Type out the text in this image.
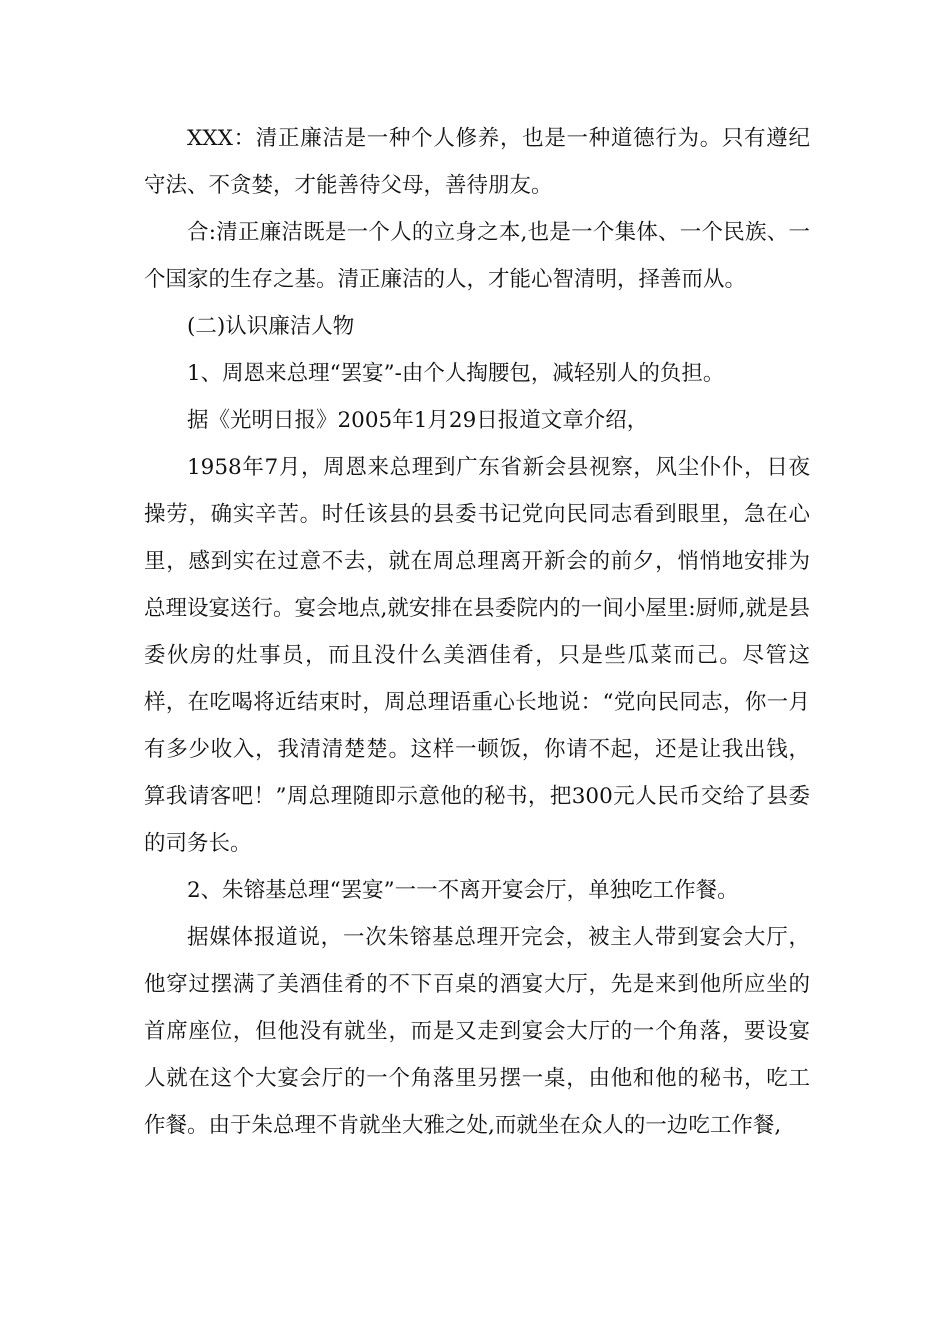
XXX：清正廉洁是一种个人修养，也是一种道德行为。只有遵纪守法、不贪婪，才能善待父母，善待朋友。

合:清正廉洁既是一个人的立身之本,也是一个集体、一个民族、一个国家的生存之基。清正廉洁的人，才能心智清明，择善而从。

(二)认识廉洁人物

1、周恩来总理“罢宴”-由个人掏腰包，减轻别人的负担。

据《光明日报》2005年1月29日报道文章介绍，

1958年7月，周恩来总理到广东省新会县视察，风尘仆仆，日夜操劳，确实辛苦。时任该县的县委书记党向民同志看到眼里，急在心里，感到实在过意不去，就在周总理离开新会的前夕，悄悄地安排为总理设宴送行。宴会地点,就安排在县委院内的一间小屋里:厨师,就是县委伙房的灶事员，而且没什么美酒佳肴，只是些瓜菜而己。尽管这样，在吃喝将近结束时，周总理语重心长地说：“党向民同志，你一月有多少收入，我清清楚楚。这样一顿饭，你请不起，还是让我出钱，算我请客吧！”周总理随即示意他的秘书，把300元人民币交给了县委的司务长。

2、朱镕基总理“罢宴”一一不离开宴会厅，单独吃工作餐。

据媒体报道说，一次朱镕基总理开完会，被主人带到宴会大厅，他穿过摆满了美酒佳肴的不下百桌的酒宴大厅，先是来到他所应坐的首席座位，但他没有就坐，而是又走到宴会大厅的一个角落，要设宴人就在这个大宴会厅的一个角落里另摆一桌，由他和他的秘书，吃工作餐。由于朱总理不肯就坐大雅之处,而就坐在众人的一边吃工作餐,
